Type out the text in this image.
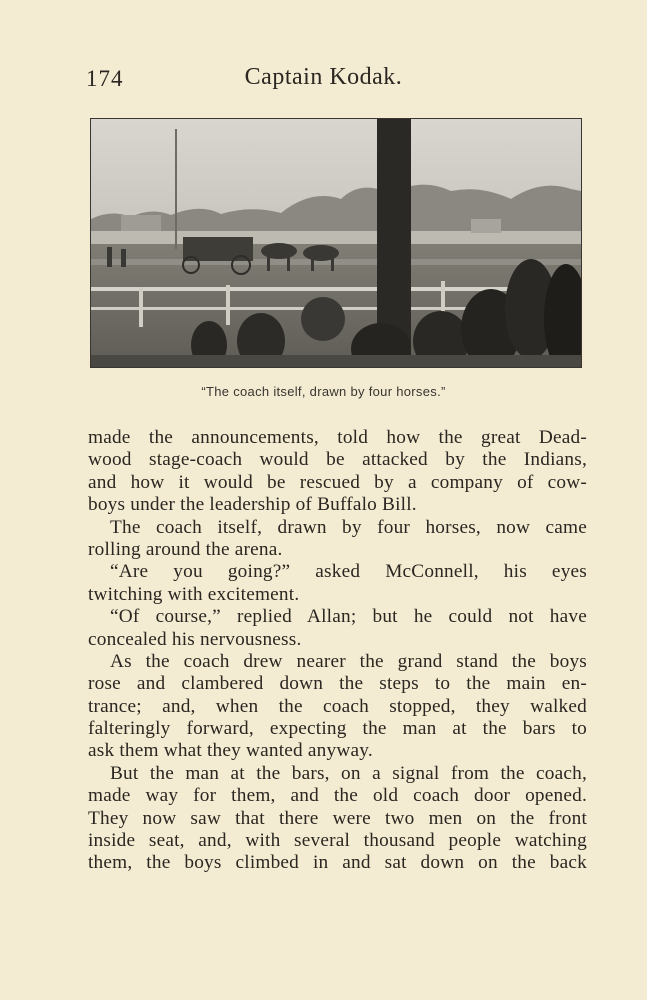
174	Captain Kodak.
“The coach itself, drawn by four horses.”
made the announcements, told how the great Dead-
wood stage-coach would be attacked by the Indians,
and how it would be rescued by a company of cow-
boys under the leadership of Buffalo Bill.
The coach itself, drawn by four horses, now came
rolling around the arena.
“Are you going?” asked McConnell, his eyes
twitching with excitement.
“Of course,” replied Allan; but he could not have
concealed his nervousness.
As the coach drew nearer the grand stand the boys
rose and clambered down the steps to the main en-
trance; and, when the coach stopped, they walked
falteringly forward, expecting the man at the bars to
ask them what they wanted anyway.
But the man at the bars, on a signal from the coach,
made way for them, and the old coach door opened.
They now saw that there were two men on the front
inside seat, and, with several thousand people watching
them, the boys climbed in and sat down on the back
